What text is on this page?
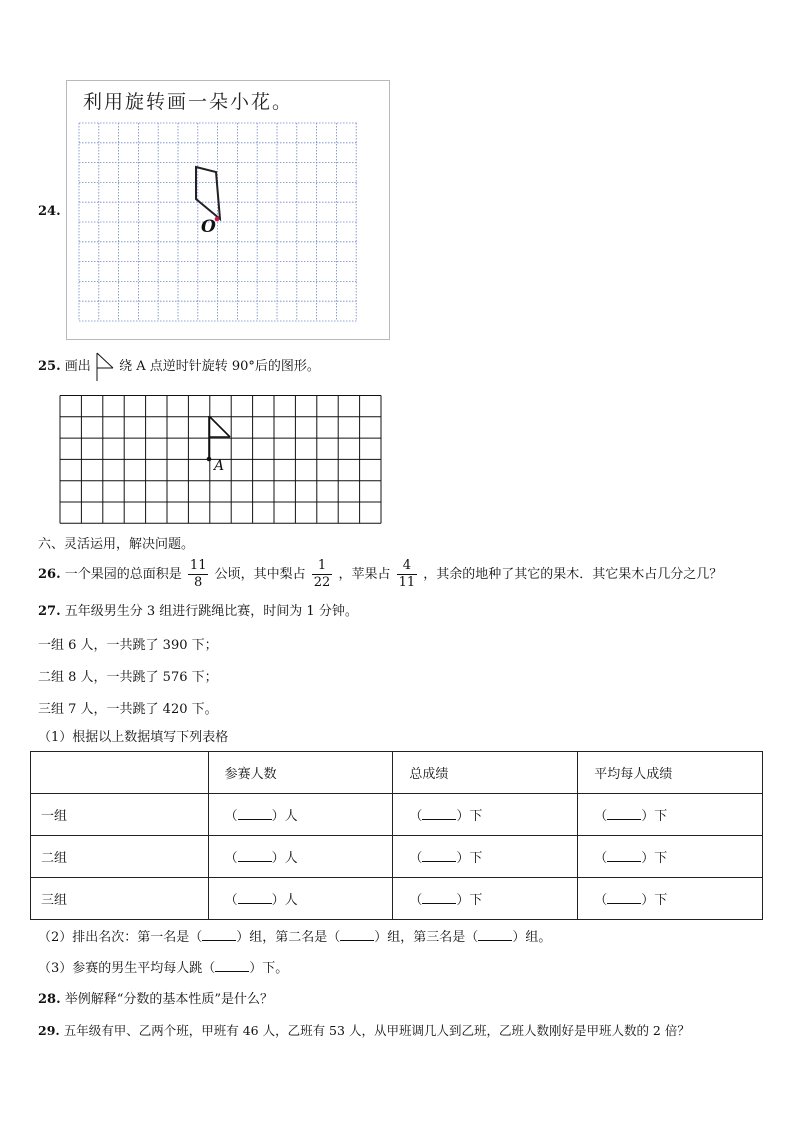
24.
利用旋转画一朵小花。
O
25. 画出 绕 A 点逆时针旋转 90°后的图形。
A
六、灵活运用，解决问题。
26. 一个果园的总面积是 $\frac{11}{8}$ 公顷，其中梨占 $\frac{1}{22}$ ，苹果占 $\frac{4}{11}$ ，其余的地种了其它的果木．其它果木占几分之几？
27. 五年级男生分 3 组进行跳绳比赛，时间为 1 分钟。
一组 6 人，一共跳了 390 下；
二组 8 人，一共跳了 576 下；
三组 7 人，一共跳了 420 下。
（1）根据以上数据填写下列表格
	参赛人数	总成绩	平均每人成绩
一组	（ ）人	（ ）下	（ ）下
二组	（ ）人	（ ）下	（ ）下
三组	（ ）人	（ ）下	（ ）下
（2）排出名次：第一名是（	）组，第二名是（	）组，第三名是（	）组。
（3）参赛的男生平均每人跳（	）下。
28. 举例解释“分数的基本性质”是什么？
29. 五年级有甲、乙两个班，甲班有 46 人，乙班有 53 人，从甲班调几人到乙班，乙班人数刚好是甲班人数的 2 倍？
